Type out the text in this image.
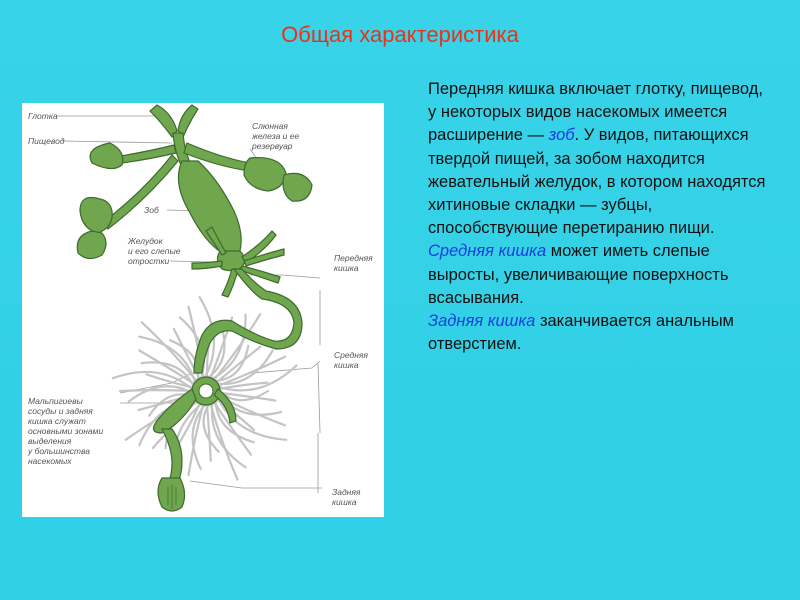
Общая характеристика
Глотка
Пищевод
Слюнная
железа и ее
резервуар
Зоб
Желудок
и его слепые
отростки	Передняя
кишка
Средняя
кишка
Мальпигиевы
сосуды и задняя
кишка служат
основными зонами
выделения
у большинства
насекомых
Задняя
кишка

Передняя кишка включает глотку, пищевод, у некоторых видов насекомых имеется расширение — зоб. У видов, питающихся твердой пищей, за зобом находится жевательный желудок, в котором находятся хитиновые складки — зубцы, способствующие перетиранию пищи.

Средняя кишка может иметь слепые выросты, увеличивающие поверхность всасывания.

Задняя кишка заканчивается анальным отверстием.
